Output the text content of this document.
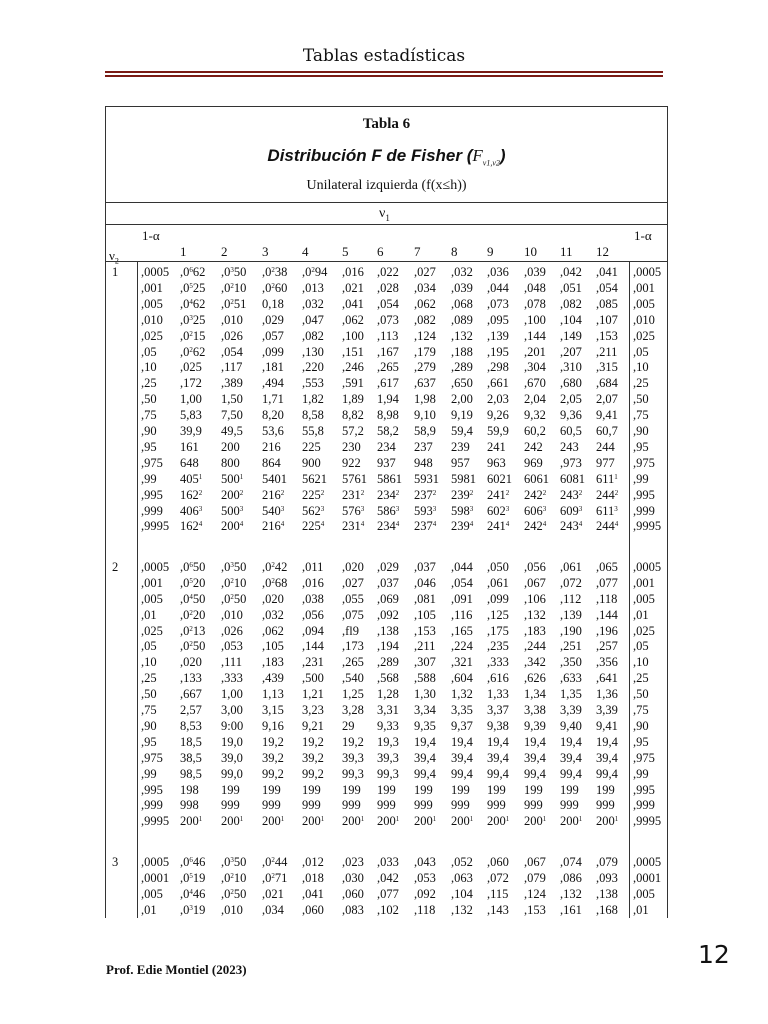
Tablas estadísticas
Tabla 6
Distribución F de Fisher $(F_{\nu 1,\nu 2})$
Unilateral izquierda (f(x≤h))
$\nu_1$
1-α	1-α
$\nu_2$
1	2	3	4	5 6 7 8 9 10 11 12
1 ,0005 $,0^662$ $,0^350$ $,0^238$ $,0^294$ ,016 ,022 ,027 ,032 ,036 ,039 ,042 ,041 ,0005
,001 $,0^525$ $,0^210$ $,0^260$ ,013 ,021 ,028 ,034 ,039 ,044 ,048 ,051 ,054 ,001
,005 $,0^462$ $,0^251$ 0,18 ,032 ,041 ,054 ,062 ,068 ,073 ,078 ,082 ,085 ,005
,010 $,0^325$ ,010 ,029 ,047 ,062 ,073 ,082 ,089 ,095 ,100 ,104 ,107 ,010
,025 $,0^215$ ,026 ,057 ,082 ,100 ,113 ,124 ,132 ,139 ,144 ,149 ,153 ,025
,05 $,0^262$ ,054 ,099 ,130 ,151 ,167 ,179 ,188 ,195 ,201 ,207 ,211 ,05
,10 ,025 ,117 ,181 ,220 ,246 ,265 ,279 ,289 ,298 ,304 ,310 ,315 ,10
,25 ,172 ,389 ,494 ,553 ,591 ,617 ,637 ,650 ,661 ,670 ,680 ,684 ,25
,50 1,00 1,50 1,71 1,82 1,89 1,94 1,98 2,00 2,03 2,04 2,05 2,07 ,50
,75 5,83 7,50 8,20 8,58 8,82 8,98 9,10 9,19 9,26 9,32 9,36 9,41 ,75
,90 39,9 49,5 53,6 55,8 57,2 58,2 58,9 59,4 59,9 60,2 60,5 60,7 ,90
,95 161 200 216 225 230 234 237 239 241 242 243 244 ,95
,975 648 800 864 900 922 937 948 957 963 969 ,973 977 ,975
,99 $405^1$ $500^1$ 5401 5621 5761 5861 5931 5981 6021 6061 6081 $611^1$ ,99
,995 $162^2$ $200^2$ $216^2$ $225^2$ $231^2$ $234^2$ $237^2$ $239^2$ $241^2$ $242^2$ $243^2$ $244^2$ ,995
,999 $406^3$ $500^3$ $540^3$ $562^3$ $576^3$ $586^3$ $593^3$ $598^3$ $602^3$ $606^3$ $609^3$ $611^3$ ,999
,9995 $162^4$ $200^4$ $216^4$ $225^4$ $231^4$ $234^4$ $237^4$ $239^4$ $241^4$ $242^4$ $243^4$ $244^4$ ,9995
2 ,0005 $,0^650$ $,0^350$ $,0^242$ ,011 ,020 ,029 ,037 ,044 ,050 ,056 ,061 ,065 ,0005
,001 $,0^520$ $,0^210$ $,0^268$ ,016 ,027 ,037 ,046 ,054 ,061 ,067 ,072 ,077 ,001
,005 $,0^450$ $,0^250$ ,020 ,038 ,055 ,069 ,081 ,091 ,099 ,106 ,112 ,118 ,005
,01 $,0^220$ ,010 ,032 ,056 ,075 ,092 ,105 ,116 ,125 ,132 ,139 ,144 ,01
,025 $,0^213$ ,026 ,062 ,094 ,fl9 ,138 ,153 ,165 ,175 ,183 ,190 ,196 ,025
,05 $,0^250$ ,053 ,105 ,144 ,173 ,194 ,211 ,224 ,235 ,244 ,251 ,257 ,05
,10 ,020 ,111 ,183 ,231 ,265 ,289 ,307 ,321 ,333 ,342 ,350 ,356 ,10
,25 ,133 ,333 ,439 ,500 ,540 ,568 ,588 ,604 ,616 ,626 ,633 ,641 ,25
,50 ,667 1,00 1,13 1,21 1,25 1,28 1,30 1,32 1,33 1,34 1,35 1,36 ,50
,75 2,57 3,00 3,15 3,23 3,28 3,31 3,34 3,35 3,37 3,38 3,39 3,39 ,75
,90 8,53 9:00 9,16 9,21 29 9,33 9,35 9,37 9,38 9,39 9,40 9,41 ,90
,95 18,5 19,0 19,2 19,2 19,2 19,3 19,4 19,4 19,4 19,4 19,4 19,4 ,95
,975 38,5 39,0 39,2 39,2 39,3 39,3 39,4 39,4 39,4 39,4 39,4 39,4 ,975
,99 98,5 99,0 99,2 99,2 99,3 99,3 99,4 99,4 99,4 99,4 99,4 99,4 ,99
,995 198 199 199 199 199 199 199 199 199 199 199 199 ,995
,999 998 999 999 999 999 999 999 999 999 999 999 999 ,999
,9995 $200^1$ $200^1$ $200^1$ $200^1$ $200^1$ $200^1$ $200^1$ $200^1$ $200^1$ $200^1$ $200^1$ $200^1$ ,9995
3 ,0005 $,0^646$ $,0^350$ $,0^244$ ,012 ,023 ,033 ,043 ,052 ,060 ,067 ,074 ,079 ,0005
,0001 $,0^519$ $,0^210$ $,0^271$ ,018 ,030 ,042 ,053 ,063 ,072 ,079 ,086 ,093 ,0001
,005 $,0^446$ $,0^250$ ,021 ,041 ,060 ,077 ,092 ,104 ,115 ,124 ,132 ,138 ,005
,01 $,0^319$ ,010 ,034 ,060 ,083 ,102 ,118 ,132 ,143 ,153 ,161 ,168 ,01
Prof. Edie Montiel (2023)
12
